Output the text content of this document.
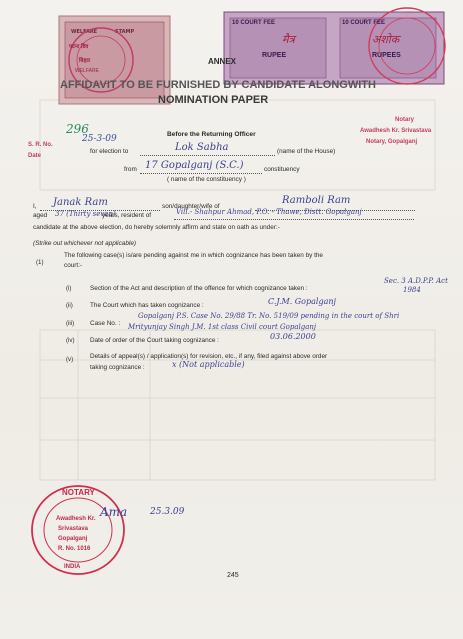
WELFARE	STAMP
पटना डिव
बिहार
WELFARE
10 COURT FEE	10 COURT FEE
RUPEE	RUPEES
मैत्र	अशोक
ANNEX
AFFIDAVIT TO BE FURNISHED BY CANDIDATE ALONGWITH
NOMINATION PAPER
296
25-3-09
S. R. No.
Date
Notary
Awadhesh Kr. Srivastava
Notary, Gopalganj
Before the Returning Officer
for election to	Lok Sabha	(name of the House)
from 17 Gopalganj (S.C.)	constituency
( name of the constituency )
I, Janak Ram	son/daughter/wife of
Ramboli Ram
aged 37 (Thirty seven)
years, resident of	Vill.- Shahpur Ahmad, P.O. - Thawe, Distt. Gopalganj
candidate at the above election, do hereby solemnly affirm and state on oath as under:-
(Strike out whichever not applicable)
(1)
The following case(s) is/are pending against me in which cognizance has been taken by the
court:-
(i)	Section of the Act and description of the offence for which cognizance taken :
Sec. 3 A.D.P.P. Act
1984
(ii)	The Court which has taken cognizance :	C.J.M. Gopalganj
(iii) Case No. :
Gopalganj P.S. Case No. 29/88 Tr. No. 519/09 pending in the court of Shri
Mrityunjay Singh J.M. 1st class Civil court Gopalganj
(iv) Date of order of the Court taking cognizance :	03.06.2000
(v)	Details of appeal(s) / application(s) for revision, etc., if any, filed against above order
taking cognizance :	x (Not applicable)
NOTARY
Awadhesh Kr.
Srivastava
Gopalganj
R. No. 1016
INDIA
Ama	25.3.09
245
